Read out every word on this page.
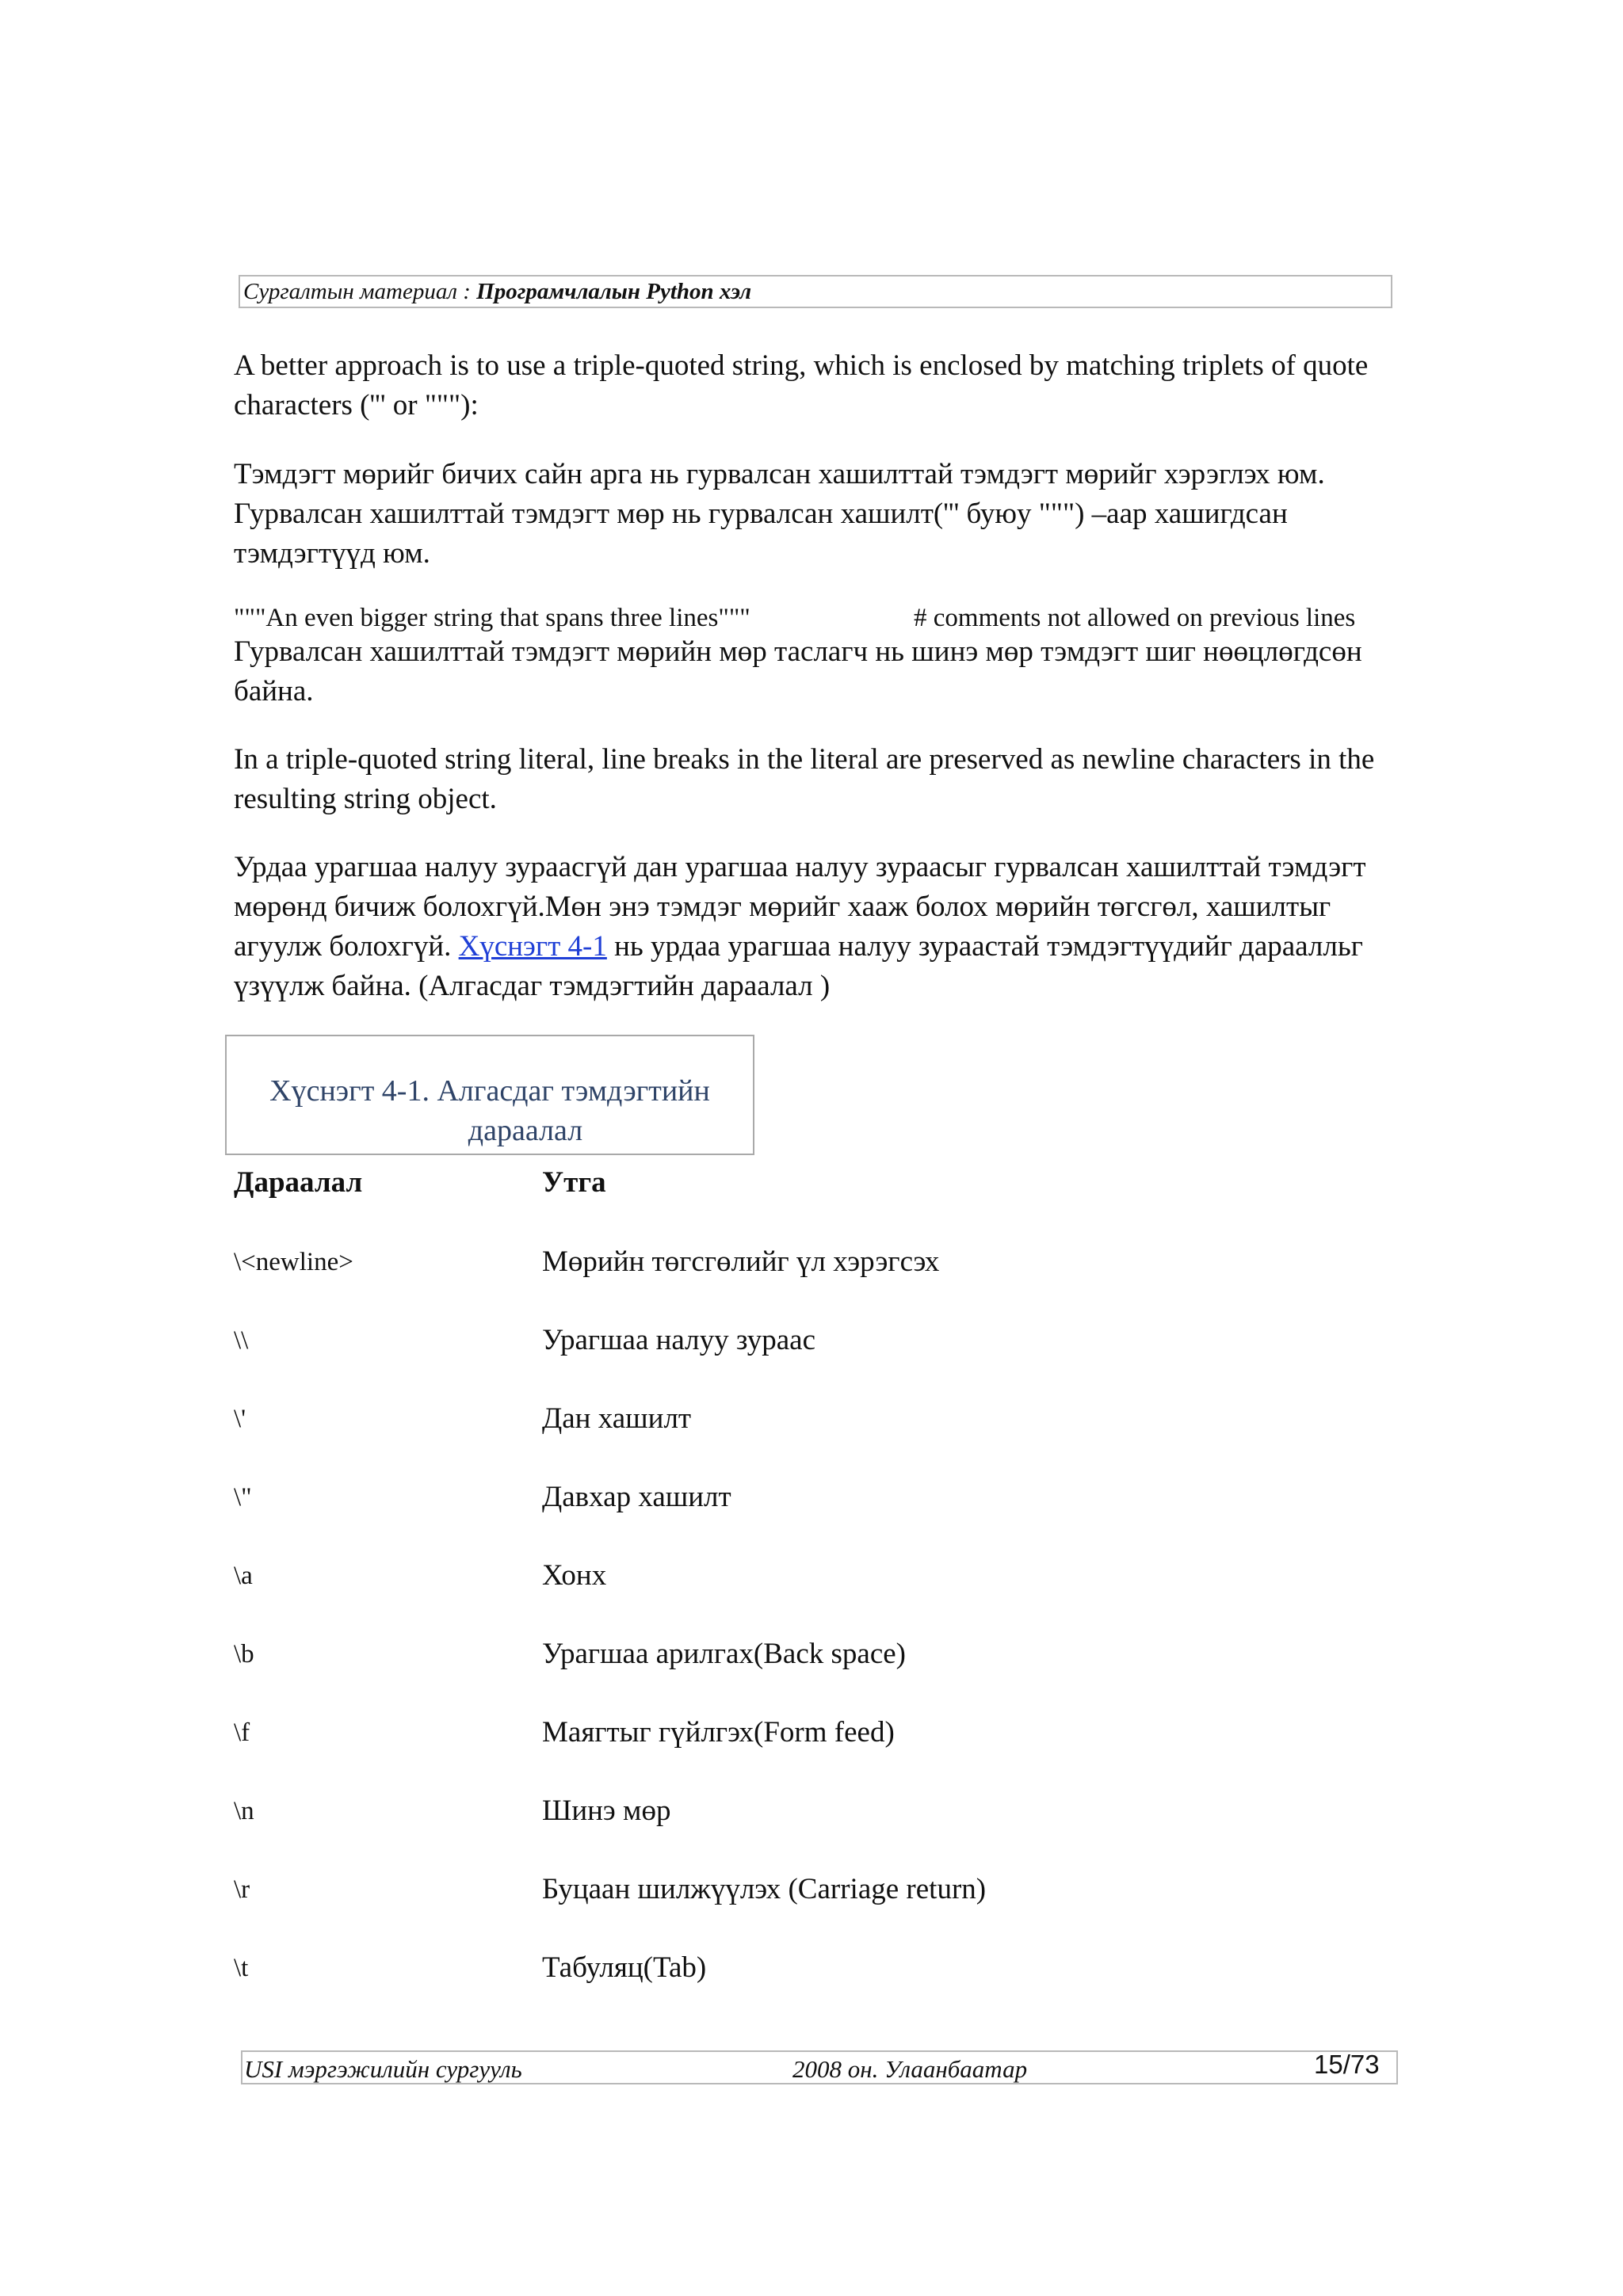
Сургалтын материал : Програмчлалын Python хэл

A better approach is to use a triple-quoted string, which is enclosed by matching triplets of quote characters (''' or """):

Тэмдэгт мөрийг бичих сайн арга нь гурвалсан хашилттай тэмдэгт мөрийг хэрэглэх юм. Гурвалсан хашилттай тэмдэгт мөр нь гурвалсан хашилт(''' буюу """) –аар хашигдсан тэмдэгтүүд юм.

"""An even bigger string that spans three lines"""	# comments not allowed on previous lines

Гурвалсан хашилттай тэмдэгт мөрийн мөр таслагч нь шинэ мөр тэмдэгт шиг нөөцлөгдсөн байна.

In a triple-quoted string literal, line breaks in the literal are preserved as newline characters in the resulting string object.

Урдаа урагшаа налуу зураасгүй дан урагшаа налуу зураасыг гурвалсан хашилттай тэмдэгт мөрөнд бичиж болохгүй.Мөн энэ тэмдэг мөрийг хааж болох мөрийн төгсгөл, хашилтыг агуулж болохгүй. Хүснэгт 4-1 нь урдаа урагшаа налуу зураастай тэмдэгтүүдийг дараалльг үзүүлж байна. (Алгасдаг тэмдэгтийн дараалал )

Хүснэгт 4-1. Алгасдаг тэмдэгтийн
дараалал
Дараалал	Утга
\<newline>	Мөрийн төгсгөлийг үл хэрэгсэх
\\	Урагшаа налуу зураас
\'	Дан хашилт
\"	Давхар хашилт
\a	Хонх
\b	Урагшаа арилгах(Back space)
\f	Маягтыг гүйлгэх(Form feed)
\n	Шинэ мөр
\r	Буцаан шилжүүлэх (Carriage return)
\t	Табуляц(Tab)
USI мэргэжилийн сургууль	2008 он. Улаанбаатар	15/73
